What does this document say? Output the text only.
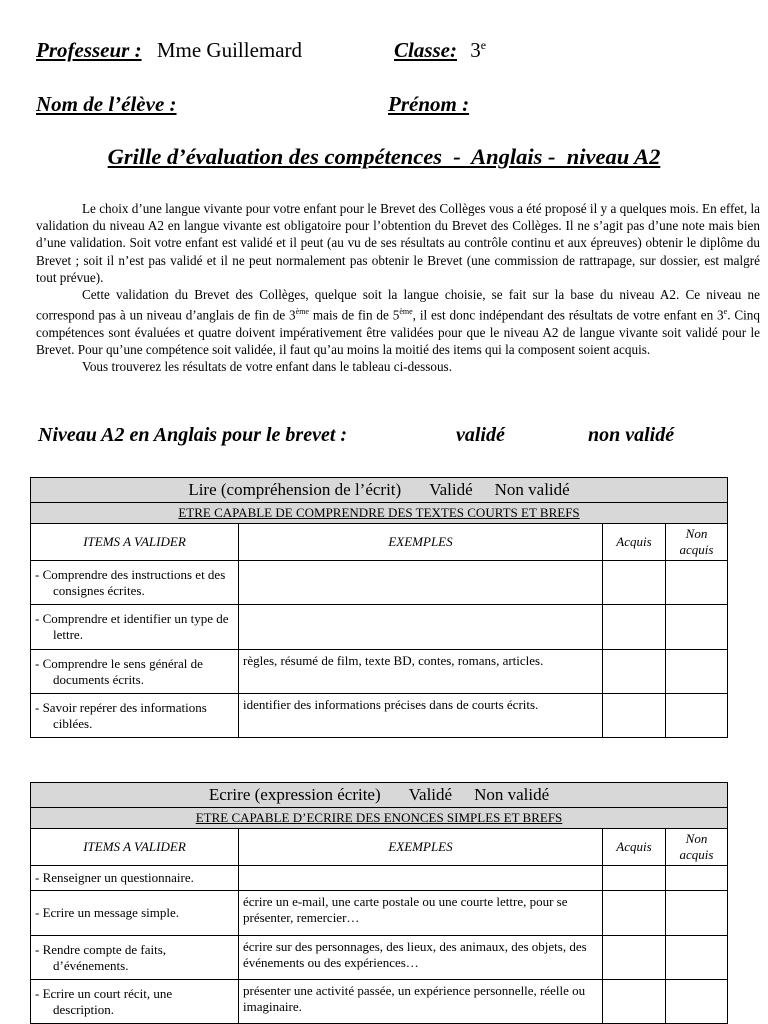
Professeur : Mme Guillemard	Classe: 3e
Nom de l’élève :	Prénom :
Grille d’évaluation des compétences  -  Anglais -  niveau A2

Le choix d’une langue vivante pour votre enfant pour le Brevet des Collèges vous a été proposé il y a quelques mois. En effet, la validation du niveau A2 en langue vivante est obligatoire pour l’obtention du Brevet des Collèges. Il ne s’agit pas d’une note mais bien d’une validation. Soit votre enfant est validé et il peut (au vu de ses résultats au contrôle continu et aux épreuves) obtenir le diplôme du Brevet ; soit il n’est pas validé et il ne peut normalement pas obtenir le Brevet (une commission de rattrapage, sur dossier, est malgré tout prévue).

Cette validation du Brevet des Collèges, quelque soit la langue choisie, se fait sur la base du niveau A2. Ce niveau ne correspond pas à un niveau d’anglais de fin de 3ème mais de fin de 5ème, il est donc indépendant des résultats de votre enfant en 3e. Cinq compétences sont évaluées et quatre doivent impérativement être validées pour que le niveau A2 de langue vivante soit validé pour le Brevet. Pour qu’une compétence soit validée, il faut qu’au moins la moitié des items qui la composent soient acquis.

Vous trouverez les résultats de votre enfant dans le tableau ci-dessous.

Niveau A2 en Anglais pour le brevet :	validé	non validé
Lire (compréhension de l’écrit) Validé Non validé			
ETRE CAPABLE DE COMPRENDRE DES TEXTES COURTS ET BREFS			
ITEMS A VALIDER	EXEMPLES	Acquis	Non acquis
- Comprendre des instructions et des consignes écrites.			
- Comprendre et identifier un type de lettre.			
- Comprendre le sens général de documents écrits.	règles, résumé de film, texte BD, contes, romans, articles.		
- Savoir repérer des informations ciblées.	identifier des informations précises dans de courts écrits.		
Ecrire (expression écrite) Validé Non validé			
ETRE CAPABLE D’ECRIRE DES ENONCES SIMPLES ET BREFS			
ITEMS A VALIDER	EXEMPLES	Acquis	Non acquis
- Renseigner un questionnaire.			
- Ecrire un message simple.	écrire un e-mail, une carte postale ou une courte lettre, pour se présenter, remercier…		
- Rendre compte de faits, d’événements.	écrire sur des personnages, des lieux, des animaux, des objets, des événements ou des expériences…		
- Ecrire un court récit, une description.	présenter une activité passée, un expérience personnelle, réelle ou imaginaire.		
